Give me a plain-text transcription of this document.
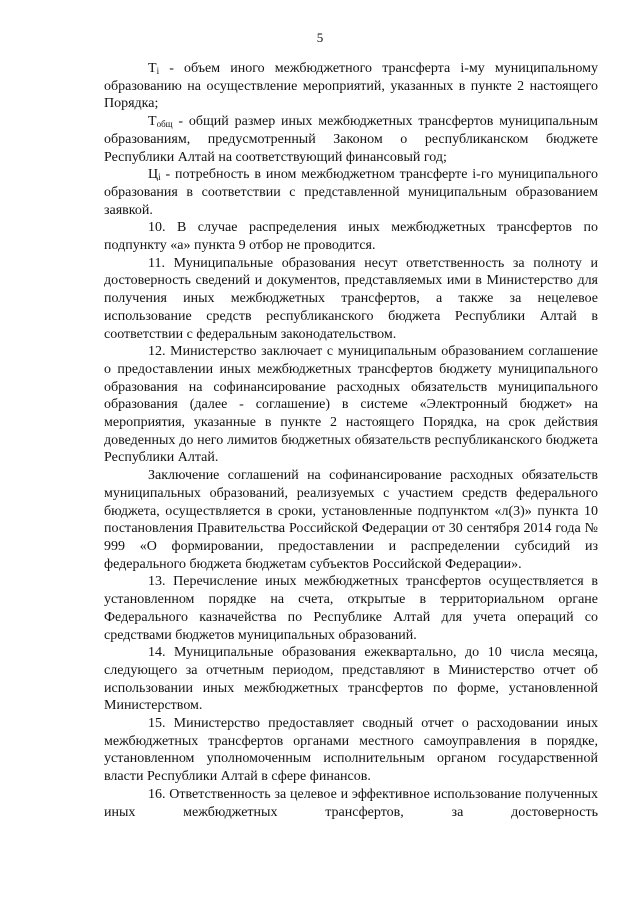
5

$T_i$ - объем иного межбюджетного трансферта i-му муниципальному образованию на осуществление мероприятий, указанных в пункте 2 настоящего Порядка;

$T_{общ}$ - общий размер иных межбюджетных трансфертов муниципальным образованиям, предусмотренный Законом о республиканском бюджете Республики Алтай на соответствующий финансовый год;

$Ц_i$ - потребность в ином межбюджетном трансферте i-го муниципального образования в соответствии с представленной муниципальным образованием заявкой.

10. В случае распределения иных межбюджетных трансфертов по подпункту «а» пункта 9 отбор не проводится.

11. Муниципальные образования несут ответственность за полноту и достоверность сведений и документов, представляемых ими в Министерство для получения иных межбюджетных трансфертов, а также за нецелевое использование средств республиканского бюджета Республики Алтай в соответствии с федеральным законодательством.

12. Министерство заключает с муниципальным образованием соглашение о предоставлении иных межбюджетных трансфертов бюджету муниципального образования на софинансирование расходных обязательств муниципального образования (далее - соглашение) в системе «Электронный бюджет» на мероприятия, указанные в пункте 2 настоящего Порядка, на срок действия доведенных до него лимитов бюджетных обязательств республиканского бюджета Республики Алтай.

Заключение соглашений на софинансирование расходных обязательств муниципальных образований, реализуемых с участием средств федерального бюджета, осуществляется в сроки, установленные подпунктом «л(3)» пункта 10 постановления Правительства Российской Федерации от 30 сентября 2014 года № 999 «О формировании, предоставлении и распределении субсидий из федерального бюджета бюджетам субъектов Российской Федерации».

13. Перечисление иных межбюджетных трансфертов осуществляется в установленном порядке на счета, открытые в территориальном органе Федерального казначейства по Республике Алтай для учета операций со средствами бюджетов муниципальных образований.

14. Муниципальные образования ежеквартально, до 10 числа месяца, следующего за отчетным периодом, представляют в Министерство отчет об использовании иных межбюджетных трансфертов по форме, установленной Министерством.

15. Министерство предоставляет сводный отчет о расходовании иных межбюджетных трансфертов органами местного самоуправления в порядке, установленном уполномоченным исполнительным органом государственной власти Республики Алтай в сфере финансов.

16. Ответственность за целевое и эффективное использование полученных иных межбюджетных трансфертов, за достоверность
